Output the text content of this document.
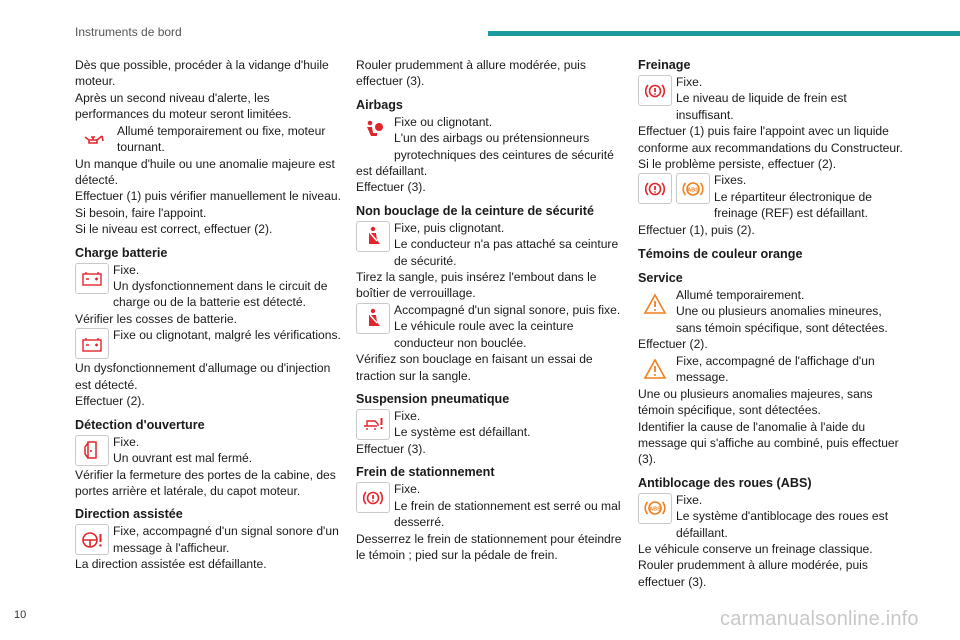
Instruments de bord

Dès que possible, procéder à la vidange d'huile moteur.

Après un second niveau d'alerte, les performances du moteur seront limitées.

Allumé temporairement ou fixe, moteur tournant.

Un manque d'huile ou une anomalie majeure est détecté.

Effectuer (1) puis vérifier manuellement le niveau.

Si besoin, faire l'appoint.

Si le niveau est correct, effectuer (2).

Charge batterie

Fixe.

Un dysfonctionnement dans le circuit de charge ou de la batterie est détecté.

Vérifier les cosses de batterie.

Fixe ou clignotant, malgré les vérifications.

Un dysfonctionnement d'allumage ou d'injection est détecté.

Effectuer (2).

Détection d'ouverture

Fixe.

Un ouvrant est mal fermé.

Vérifier la fermeture des portes de la cabine, des portes arrière et latérale, du capot moteur.

Direction assistée

Fixe, accompagné d'un signal sonore d'un message à l'afficheur.

La direction assistée est défaillante.

Rouler prudemment à allure modérée, puis effectuer (3).

Airbags

Fixe ou clignotant.

L'un des airbags ou prétensionneurs pyrotechniques des ceintures de sécurité est défaillant.

Effectuer (3).

Non bouclage de la ceinture de sécurité

Fixe, puis clignotant.

Le conducteur n'a pas attaché sa ceinture de sécurité.

Tirez la sangle, puis insérez l'embout dans le boîtier de verrouillage.

Accompagné d'un signal sonore, puis fixe.

Le véhicule roule avec la ceinture conducteur non bouclée.

Vérifiez son bouclage en faisant un essai de traction sur la sangle.

Suspension pneumatique

Fixe.

Le système est défaillant.

Effectuer (3).

Frein de stationnement

Fixe.

Le frein de stationnement est serré ou mal desserré.

Desserrez le frein de stationnement pour éteindre le témoin ; pied sur la pédale de frein.

Freinage

Fixe.

Le niveau de liquide de frein est insuffisant.

Effectuer (1) puis faire l'appoint avec un liquide conforme aux recommandations du Constructeur.

Si le problème persiste, effectuer (2).

ABS

Fixes.

Le répartiteur électronique de freinage (REF) est défaillant.

Effectuer (1), puis (2).

Témoins de couleur orange
Service

Allumé temporairement.

Une ou plusieurs anomalies mineures, sans témoin spécifique, sont détectées.

Effectuer (2).

Fixe, accompagné de l'affichage d'un message.

Une ou plusieurs anomalies majeures, sans témoin spécifique, sont détectées.

Identifier la cause de l'anomalie à l'aide du message qui s'affiche au combiné, puis effectuer (3).

Antiblocage des roues (ABS)
ABS

Fixe.

Le système d'antiblocage des roues est défaillant.

Le véhicule conserve un freinage classique.

Rouler prudemment à allure modérée, puis effectuer (3).

10	carmanualsonline.info
